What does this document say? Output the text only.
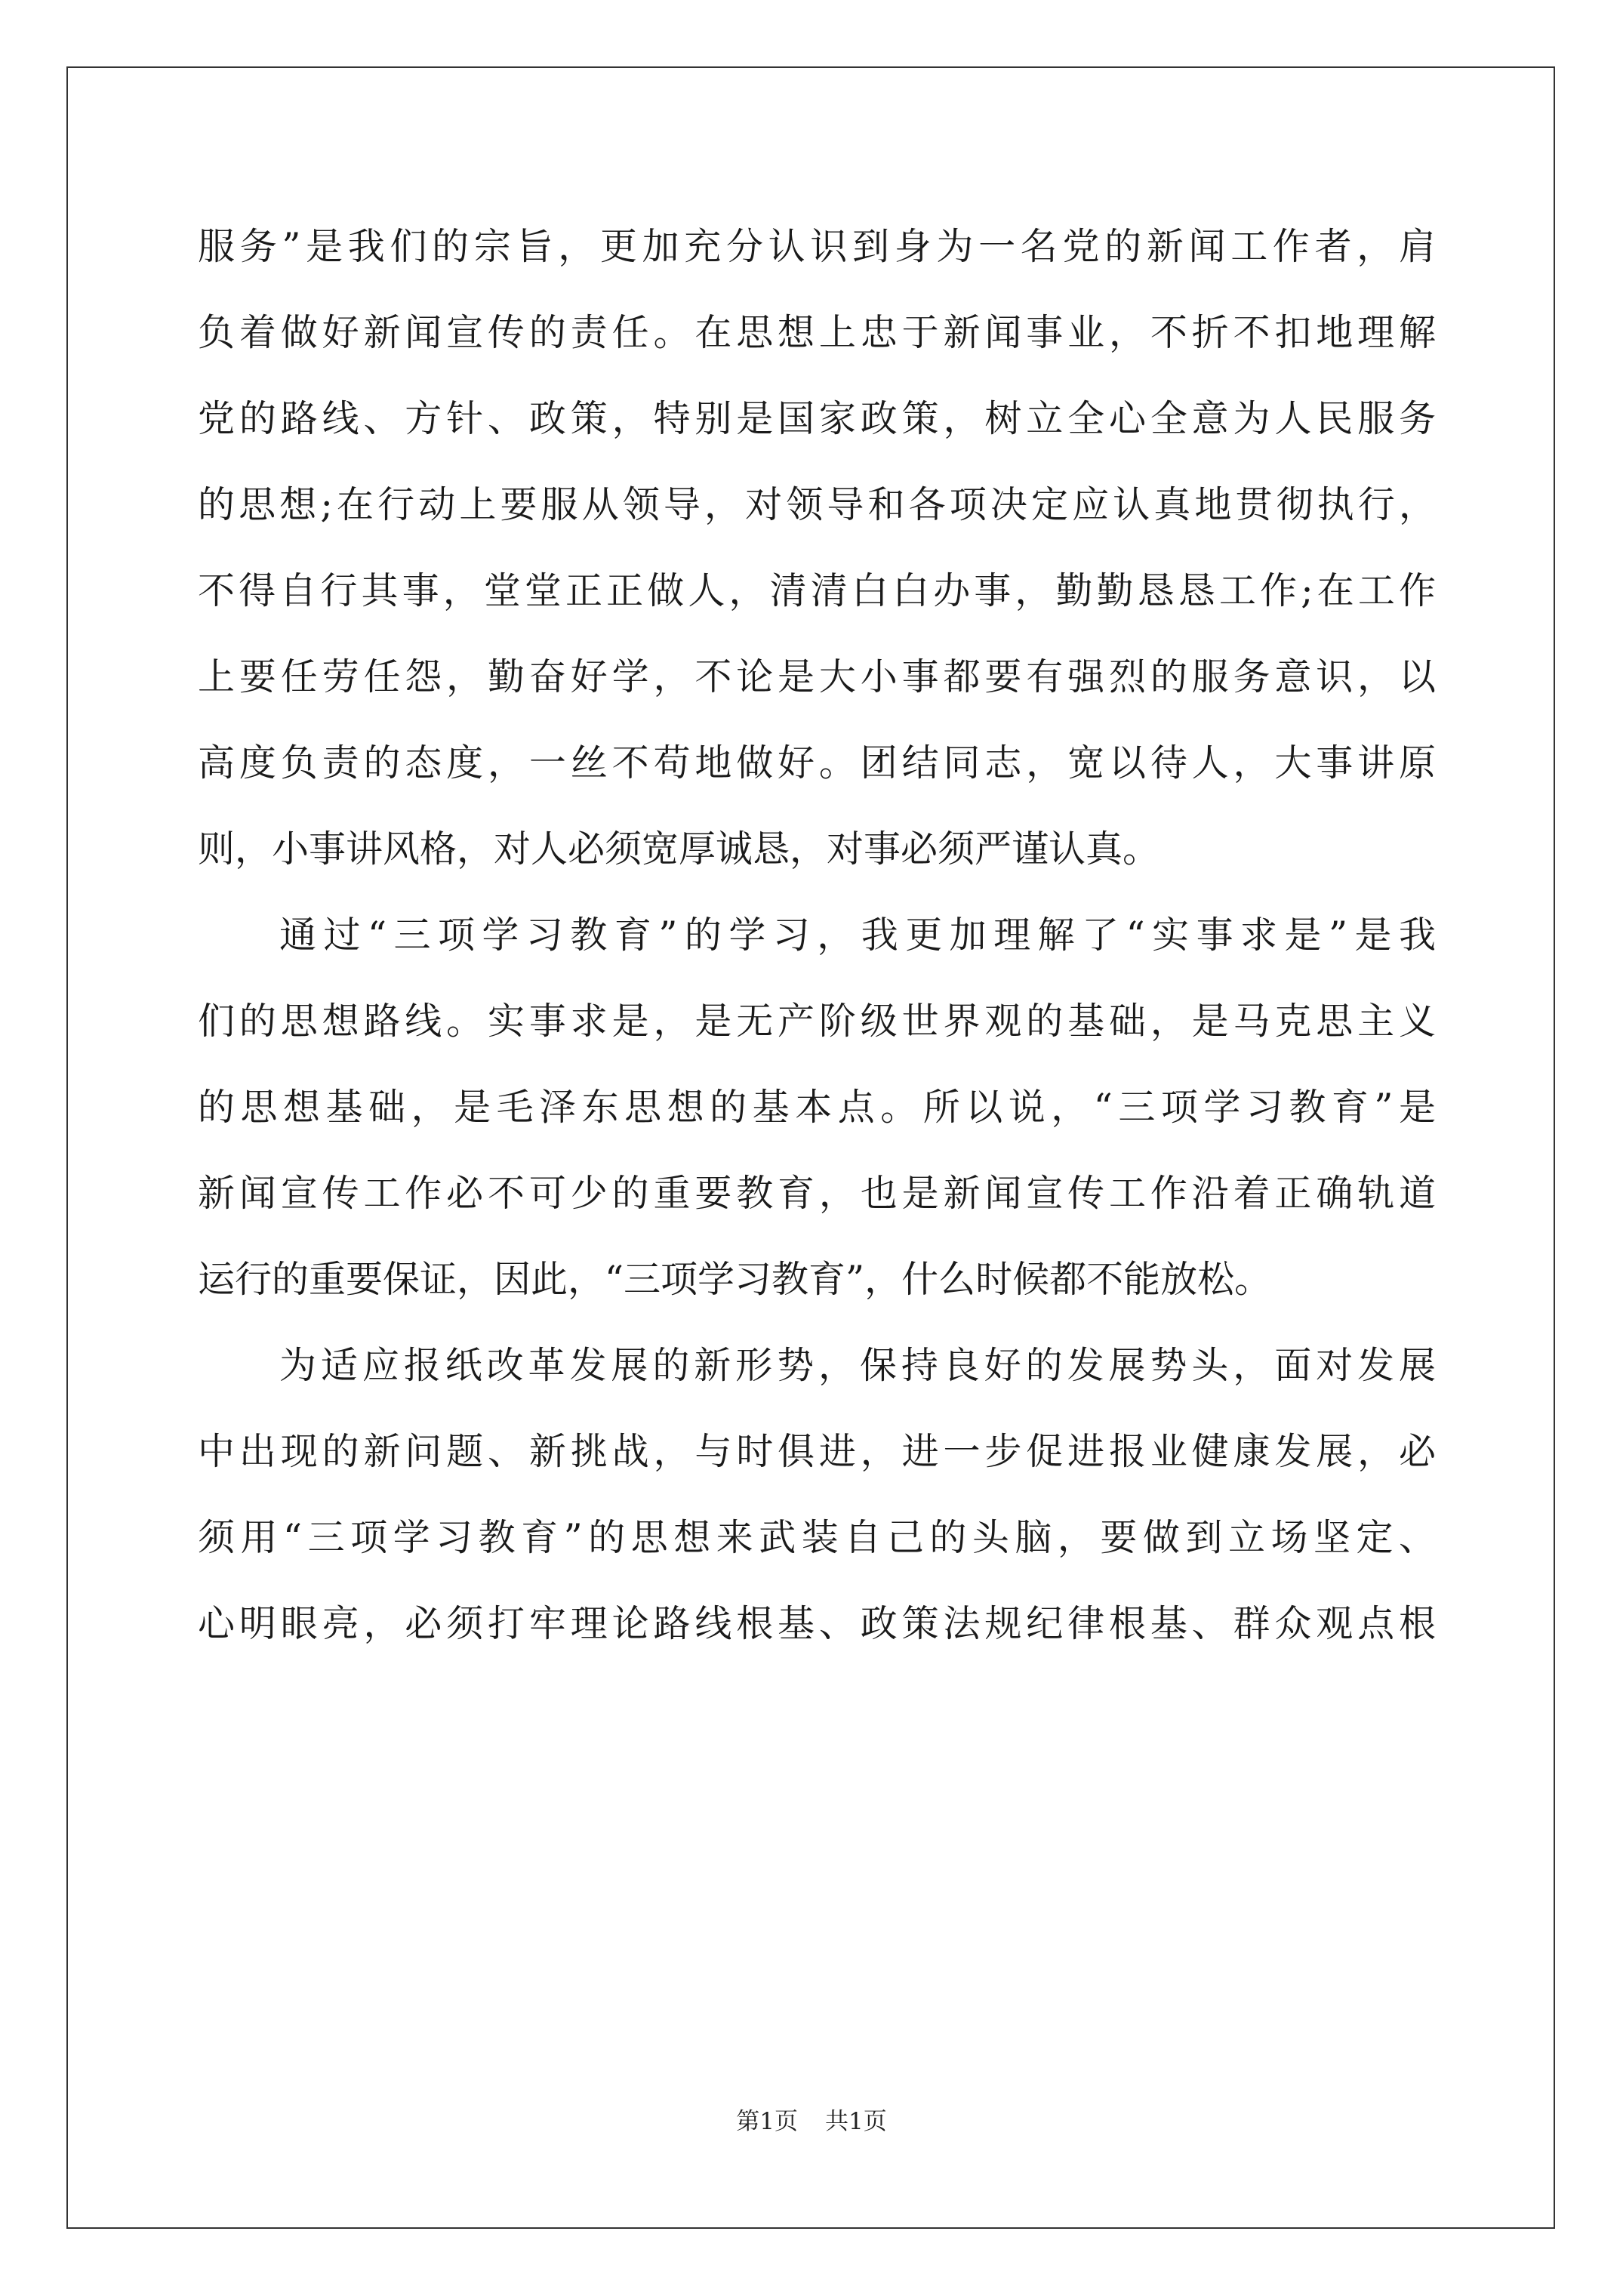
服务”是我们的宗旨，更加充分认识到身为一名党的新闻工作者，肩
负着做好新闻宣传的责任。在思想上忠于新闻事业，不折不扣地理解
党的路线、方针、政策，特别是国家政策，树立全心全意为人民服务
的思想;在行动上要服从领导，对领导和各项决定应认真地贯彻执行，
不得自行其事，堂堂正正做人，清清白白办事，勤勤恳恳工作;在工作
上要任劳任怨，勤奋好学，不论是大小事都要有强烈的服务意识，以
高度负责的态度，一丝不苟地做好。团结同志，宽以待人，大事讲原
则，小事讲风格，对人必须宽厚诚恳，对事必须严谨认真。
通过“三项学习教育”的学习，我更加理解了“实事求是”是我
们的思想路线。实事求是，是无产阶级世界观的基础，是马克思主义
的思想基础，是毛泽东思想的基本点。所以说，“三项学习教育”是
新闻宣传工作必不可少的重要教育，也是新闻宣传工作沿着正确轨道
运行的重要保证，因此，“三项学习教育”，什么时候都不能放松。
为适应报纸改革发展的新形势，保持良好的发展势头，面对发展
中出现的新问题、新挑战，与时俱进，进一步促进报业健康发展，必
须用“三项学习教育”的思想来武装自己的头脑，要做到立场坚定、
心明眼亮，必须打牢理论路线根基、政策法规纪律根基、群众观点根
第1页 共1页
